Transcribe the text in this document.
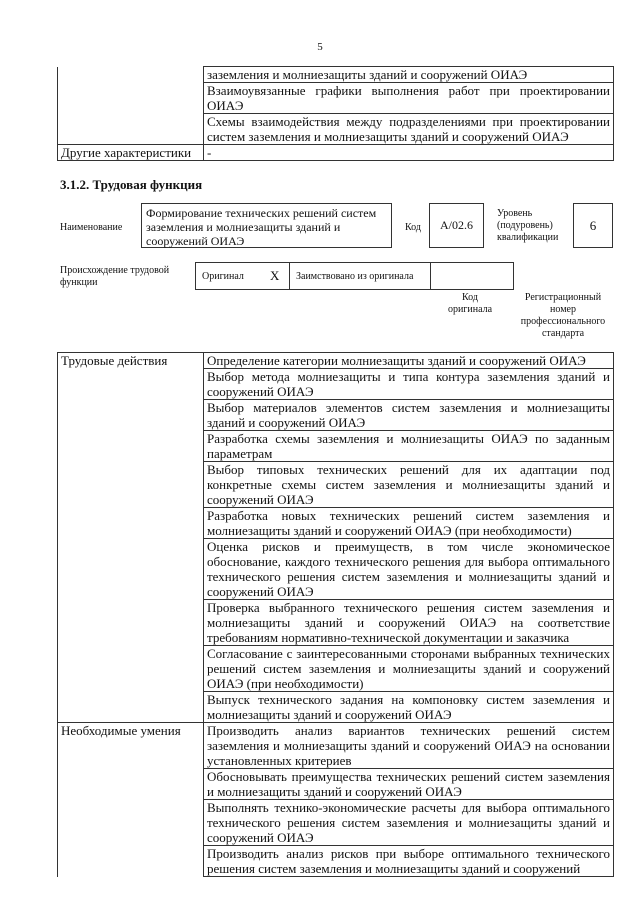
5
	заземления и молниезащиты зданий и сооружений ОИАЭ
	Взаимоувязанные графики выполнения работ при проектировании ОИАЭ
	Схемы взаимодействия между подразделениями при проектировании систем заземления и молниезащиты зданий и сооружений ОИАЭ
Другие характеристики	-
3.1.2. Трудовая функция
Наименование
Формирование технических решений систем заземления и молниезащиты зданий и сооружений ОИАЭ
Код	А/02.6
Уровень (подуровень) квалификации
6
Происхождение трудовой функции
Оригинал X Заимствовано из оригинала
Код оригинала
Регистрационный номер профессионального стандарта
Трудовые действия	Определение категории молниезащиты зданий и сооружений ОИАЭ
	Выбор метода молниезащиты и типа контура заземления зданий и сооружений ОИАЭ
	Выбор материалов элементов систем заземления и молниезащиты зданий и сооружений ОИАЭ
	Разработка схемы заземления и молниезащиты ОИАЭ по заданным параметрам
	Выбор типовых технических решений для их адаптации под конкретные схемы систем заземления и молниезащиты зданий и сооружений ОИАЭ
	Разработка новых технических решений систем заземления и молниезащиты зданий и сооружений ОИАЭ (при необходимости)
	Оценка рисков и преимуществ, в том числе экономическое обоснование, каждого технического решения для выбора оптимального технического решения систем заземления и молниезащиты зданий и сооружений ОИАЭ
	Проверка выбранного технического решения систем заземления и молниезащиты зданий и сооружений ОИАЭ на соответствие требованиям нормативно-технической документации и заказчика
	Согласование с заинтересованными сторонами выбранных технических решений систем заземления и молниезащиты зданий и сооружений ОИАЭ (при необходимости)
	Выпуск технического задания на компоновку систем заземления и молниезащиты зданий и сооружений ОИАЭ
Необходимые умения	Производить анализ вариантов технических решений систем заземления и молниезащиты зданий и сооружений ОИАЭ на основании установленных критериев
	Обосновывать преимущества технических решений систем заземления и молниезащиты зданий и сооружений ОИАЭ
	Выполнять технико-экономические расчеты для выбора оптимального технического решения систем заземления и молниезащиты зданий и сооружений ОИАЭ
	Производить анализ рисков при выборе оптимального технического решения систем заземления и молниезащиты зданий и сооружений
